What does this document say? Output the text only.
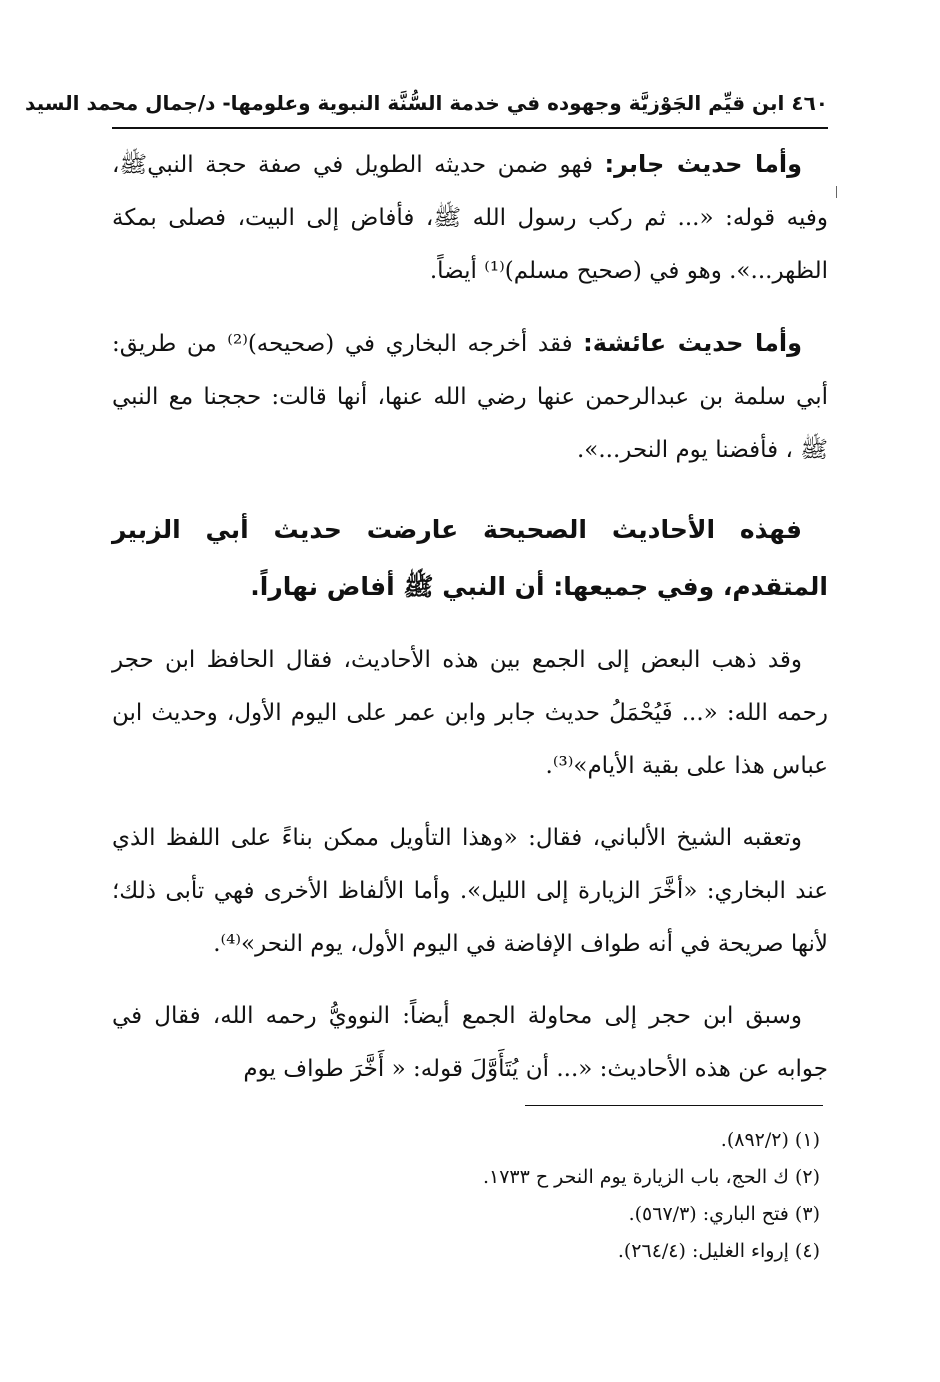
٤٦٠ ابن قيِّم الجَوْزيَّة وجهوده في خدمة السُّنَّة النبوية وعلومها- د/جمال محمد السيد

وأما حديث جابر: فهو ضمن حديثه الطويل في صفة حجة النبيﷺ، وفيه قوله: «... ثم ركب رسول الله ﷺ، فأفاض إلى البيت، فصلى بمكة الظهر...». وهو في (صحيح مسلم)⁽¹⁾ أيضاً.

وأما حديث عائشة: فقد أخرجه البخاري في (صحيحه)⁽²⁾ من طريق: أبي سلمة بن عبدالرحمن عنها رضي الله عنها، أنها قالت: حججنا مع النبي ﷺ ، فأفضنا يوم النحر...».

فهذه الأحاديث الصحيحة عارضت حديث أبي الزبير المتقدم، وفي جميعها: أن النبي ﷺ أفاض نهاراً.

وقد ذهب البعض إلى الجمع بين هذه الأحاديث، فقال الحافظ ابن حجر رحمه الله: «... فَيُحْمَلُ حديث جابر وابن عمر على اليوم الأول، وحديث ابن عباس هذا على بقية الأيام»⁽³⁾.

وتعقبه الشيخ الألباني، فقال: «وهذا التأويل ممكن بناءً على اللفظ الذي عند البخاري: «أخَّرَ الزيارة إلى الليل». وأما الألفاظ الأخرى فهي تأبى ذلك؛ لأنها صريحة في أنه طواف الإفاضة في اليوم الأول، يوم النحر»⁽⁴⁾.

وسبق ابن حجر إلى محاولة الجمع أيضاً: النوويُّ رحمه الله، فقال في جوابه عن هذه الأحاديث: «... أن يُتَأَوَّلَ قوله: « أَخَّرَ طواف يوم

(١) (٨٩٢/٢).

(٢) ك الحج، باب الزيارة يوم النحر ح ١٧٣٣.

(٣) فتح الباري: (٥٦٧/٣).

(٤) إرواء الغليل: (٢٦٤/٤).
